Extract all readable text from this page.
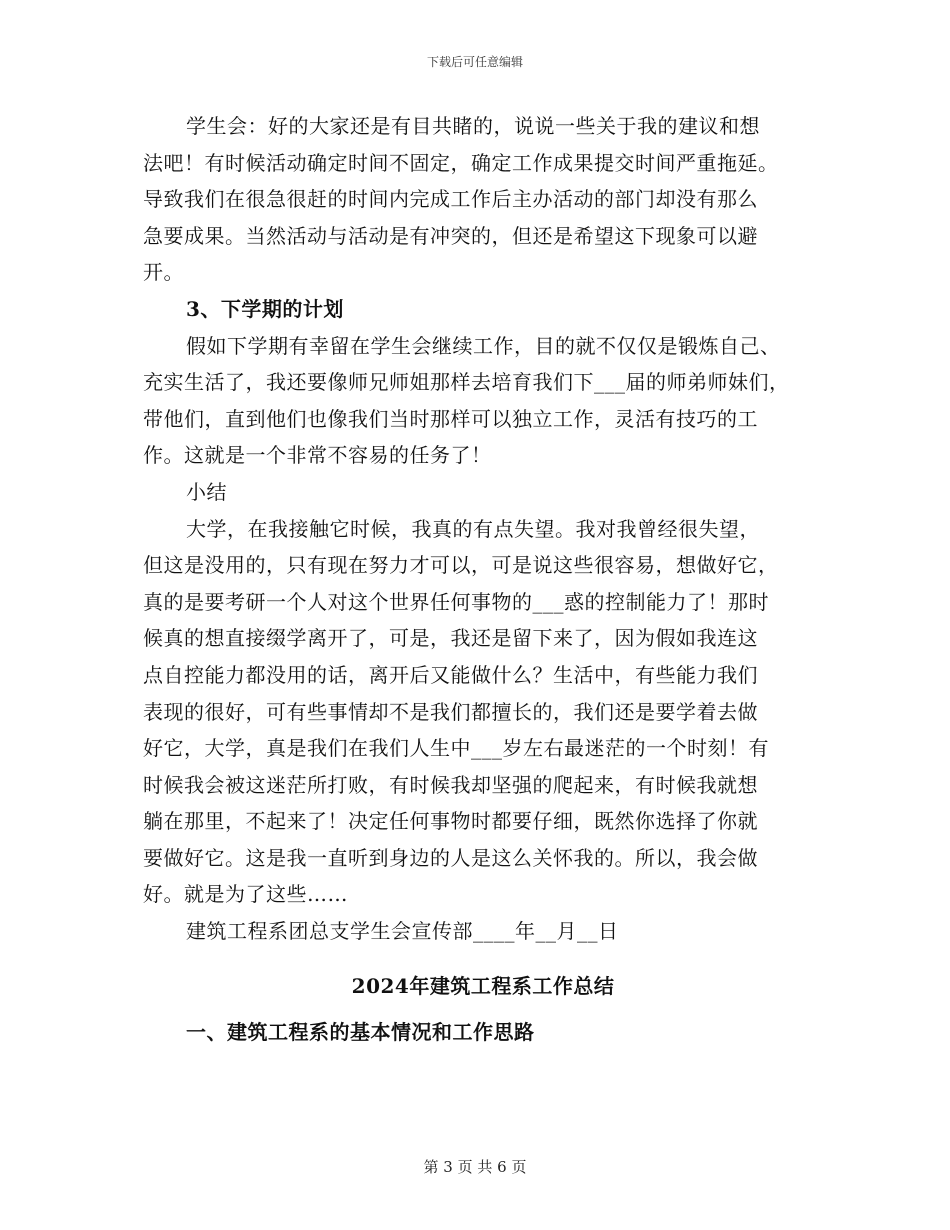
下载后可任意编辑
学生会：好的大家还是有目共睹的，说说一些关于我的建议和想
法吧！有时候活动确定时间不固定，确定工作成果提交时间严重拖延。
导致我们在很急很赶的时间内完成工作后主办活动的部门却没有那么
急要成果。当然活动与活动是有冲突的，但还是希望这下现象可以避
开。
3、下学期的计划
假如下学期有幸留在学生会继续工作，目的就不仅仅是锻炼自己、
充实生活了，我还要像师兄师姐那样去培育我们下___届的师弟师妹们，
带他们，直到他们也像我们当时那样可以独立工作，灵活有技巧的工
作。这就是一个非常不容易的任务了！
小结
大学，在我接触它时候，我真的有点失望。我对我曾经很失望，
但这是没用的，只有现在努力才可以，可是说这些很容易，想做好它，
真的是要考研一个人对这个世界任何事物的___惑的控制能力了！那时
候真的想直接缀学离开了，可是，我还是留下来了，因为假如我连这
点自控能力都没用的话，离开后又能做什么？生活中，有些能力我们
表现的很好，可有些事情却不是我们都擅长的，我们还是要学着去做
好它，大学，真是我们在我们人生中___岁左右最迷茫的一个时刻！有
时候我会被这迷茫所打败，有时候我却坚强的爬起来，有时候我就想
躺在那里，不起来了！决定任何事物时都要仔细，既然你选择了你就
要做好它。这是我一直听到身边的人是这么关怀我的。所以，我会做
好。就是为了这些……
建筑工程系团总支学生会宣传部____年__月__日
2024年建筑工程系工作总结
一、建筑工程系的基本情况和工作思路
第 3 页 共 6 页
